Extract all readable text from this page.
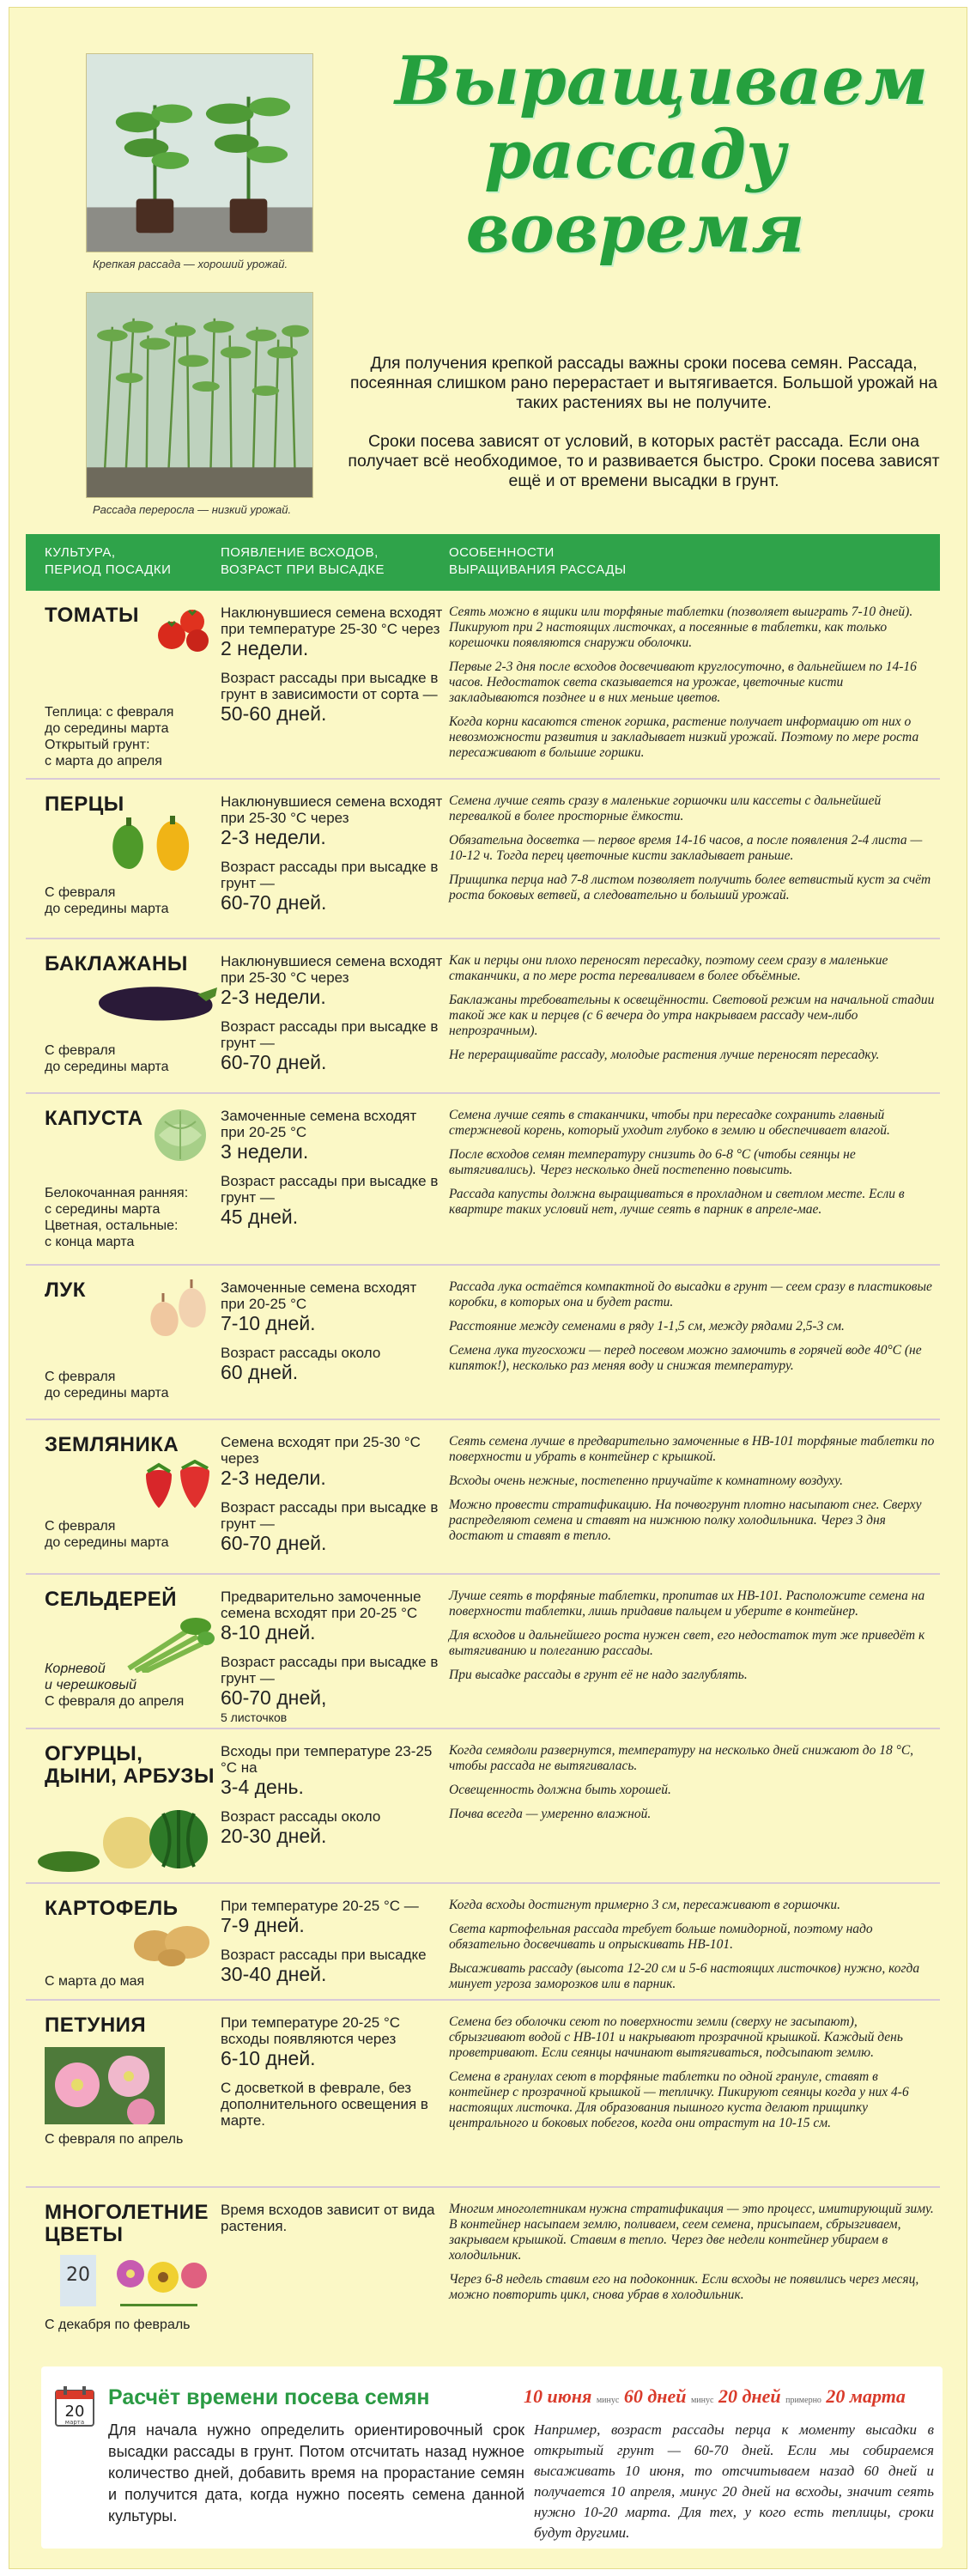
Крепкая рассада — хороший урожай.
Рассада переросла — низкий урожай.
Выращиваем
рассаду
вовремя
Для получения крепкой рассады важны сроки посева семян. Рассада, посеянная слишком рано перерастает и вытягивается. Большой урожай на таких растениях вы не получите.
Сроки посева зависят от условий, в которых растёт рассада. Если она получает всё необходимое, то и развивается быстро. Сроки посева зависят ещё и от времени высадки в грунт.
КУЛЬТУРА,
ПЕРИОД ПОСАДКИ
ПОЯВЛЕНИЕ ВСХОДОВ,
ВОЗРАСТ ПРИ ВЫСАДКЕ
ОСОБЕННОСТИ
ВЫРАЩИВАНИЯ РАССАДЫ
ТОМАТЫ
Теплица: с февраля
до середины марта
Открытый грунт:
с марта до апреля

Наклюнувшиеся семена всходят при температуре 25-30 °С через
2 недели.

Возраст рассады при высадке в грунт в зависимости от сорта —
50-60 дней.

Сеять можно в ящики или торфяные таблетки (позволяет выиграть 7-10 дней). Пикируют при 2 настоящих листочках, а посеянные в таблетки, как только корешочки появляются снаружи оболочки.

Первые 2-3 дня после всходов досвечивают круглосуточно, в дальнейшем по 14-16 часов. Недостаток света сказывается на урожае, цветочные кисти закладываются позднее и в них меньше цветов.

Когда корни касаются стенок горшка, растение получает информацию от них о невозможности развития и закладывает низкий урожай. Поэтому по мере роста пересаживают в большие горшки.

ПЕРЦЫ
С февраля
до середины марта

Наклюнувшиеся семена всходят при 25-30 °С через
2-3 недели.

Возраст рассады при высадке в грунт —
60-70 дней.

Семена лучше сеять сразу в маленькие горшочки или кассеты с дальнейшей перевалкой в более просторные ёмкости.

Обязательна досветка — первое время 14-16 часов, а после появления 2-4 листа — 10-12 ч. Тогда перец цветочные кисти закладывает раньше.

Прищипка перца над 7-8 листом позволяет получить более ветвистый куст за счёт роста боковых ветвей, а следовательно и больший урожай.

БАКЛАЖАНЫ
С февраля
до середины марта

Наклюнувшиеся семена всходят при 25-30 °С через
2-3 недели.

Возраст рассады при высадке в грунт —
60-70 дней.

Как и перцы они плохо переносят пересадку, поэтому сеем сразу в маленькие стаканчики, а по мере роста переваливаем в более объёмные.

Баклажаны требовательны к освещённости. Световой режим на начальной стадии такой же как и перцев (с 6 вечера до утра накрываем рассаду чем-либо непрозрачным).

Не переращивайте рассаду, молодые растения лучше переносят пересадку.

КАПУСТА
Белокочанная ранняя:
с середины марта
Цветная, остальные:
с конца марта

Замоченные семена всходят при 20-25 °С
3 недели.

Возраст рассады при высадке в грунт —
45 дней.

Семена лучше сеять в стаканчики, чтобы при пересадке сохранить главный стержневой корень, который уходит глубоко в землю и обеспечивает влагой.

После всходов семян температуру снизить до 6-8 °С (чтобы сеянцы не вытягивались). Через несколько дней постепенно повысить.

Рассада капусты должна выращиваться в прохладном и светлом месте. Если в квартире таких условий нет, лучше сеять в парник в апреле-мае.

ЛУК
С февраля
до середины марта

Замоченные семена всходят при 20-25 °С
7-10 дней.

Возраст рассады около
60 дней.

Рассада лука остаётся компактной до высадки в грунт — сеем сразу в пластиковые коробки, в которых она и будет расти.

Расстояние между семенами в ряду 1-1,5 см, между рядами 2,5-3 см.

Семена лука тугосхожи — перед посевом можно замочить в горячей воде 40°С (не кипяток!), несколько раз меняя воду и снижая температуру.

ЗЕМЛЯНИКА
С февраля
до середины марта

Семена всходят при 25-30 °С через
2-3 недели.

Возраст рассады при высадке в грунт —
60-70 дней.

Сеять семена лучше в предварительно замоченные в НВ-101 торфяные таблетки по поверхности и убрать в контейнер с крышкой.

Всходы очень нежные, постепенно приучайте к комнатному воздуху.

Можно провести стратификацию. На почвогрунт плотно насыпают снег. Сверху распределяют семена и ставят на нижнюю полку холодильника. Через 3 дня достают и ставят в тепло.

СЕЛЬДЕРЕЙ
Корневой
и черешковый
С февраля до апреля

Предварительно замоченные семена всходят при 20-25 °С
8-10 дней.

Возраст рассады при высадке в грунт —
60-70 дней,
5 листочков

Лучше сеять в торфяные таблетки, пропитав их НВ-101. Расположите семена на поверхности таблетки, лишь придавив пальцем и уберите в контейнер.

Для всходов и дальнейшего роста нужен свет, его недостаток тут же приведёт к вытягиванию и полеганию рассады.

При высадке рассады в грунт её не надо заглублять.

ОГУРЦЫ, ДЫНИ, АРБУЗЫ

Всходы при температуре 23-25 °С на
3-4 день.

Возраст рассады около
20-30 дней.

Когда семядоли развернутся, температуру на несколько дней снижают до 18 °С, чтобы рассада не вытягивалась.

Освещенность должна быть хорошей.

Почва всегда — умеренно влажной.

КАРТОФЕЛЬ
С марта до мая

При температуре 20-25 °С —
7-9 дней.

Возраст рассады при высадке
30-40 дней.

Когда всходы достигнут примерно 3 см, пересаживают в горшочки.

Света картофельная рассада требует больше помидорной, поэтому надо обязательно досвечивать и опрыскивать НВ-101.

Высаживать рассаду (высота 12-20 см и 5-6 настоящих листочков) нужно, когда минует угроза заморозков или в парник.

ПЕТУНИЯ
С февраля по апрель

При температуре 20-25 °С всходы появляются через
6-10 дней.

С досветкой в феврале, без дополнительного освещения в марте.

Семена без оболочки сеют по поверхности земли (сверху не засыпают), сбрызгивают водой с НВ-101 и накрывают прозрачной крышкой. Каждый день проветривают. Если сеянцы начинают вытягиваться, подсыпают землю.

Семена в гранулах сеют в торфяные таблетки по одной грануле, ставят в контейнер с прозрачной крышкой — тепличку. Пикируют сеянцы когда у них 4-6 настоящих листочка. Для образования пышного куста делают прищипку центрального и боковых побегов, когда они отрастут на 10-15 см.

МНОГОЛЕТНИЕ ЦВЕТЫ
20
С декабря по февраль

Время всходов зависит от вида растения.

Многим многолетникам нужна стратификация — это процесс, имитирующий зиму. В контейнер насыпаем землю, поливаем, сеем семена, присыпаем, сбрызгиваем, закрываем крышкой. Ставим в тепло. Через две недели контейнер убираем в холодильник.

Через 6-8 недель ставим его на подоконник. Если всходы не появились через месяц, можно повторить цикл, снова убрав в холодильник.

20
марта
Расчёт времени посева семян
Для начала нужно определить ориентировочный срок высадки рассады в грунт. Потом отсчитать назад нужное количество дней, добавить время на прорастание семян и получится дата, когда нужно посеять семена данной культуры.
10 июня минус 60 дней минус 20 дней примерно 20 марта
Например, возраст рассады перца к моменту высадки в открытый грунт — 60-70 дней. Если мы собираемся высаживать 10 июня, то отсчитываем назад 60 дней и получается 10 апреля, минус 20 дней на всходы, значит сеять нужно 10-20 марта. Для тех, у кого есть теплицы, сроки будут другими.
